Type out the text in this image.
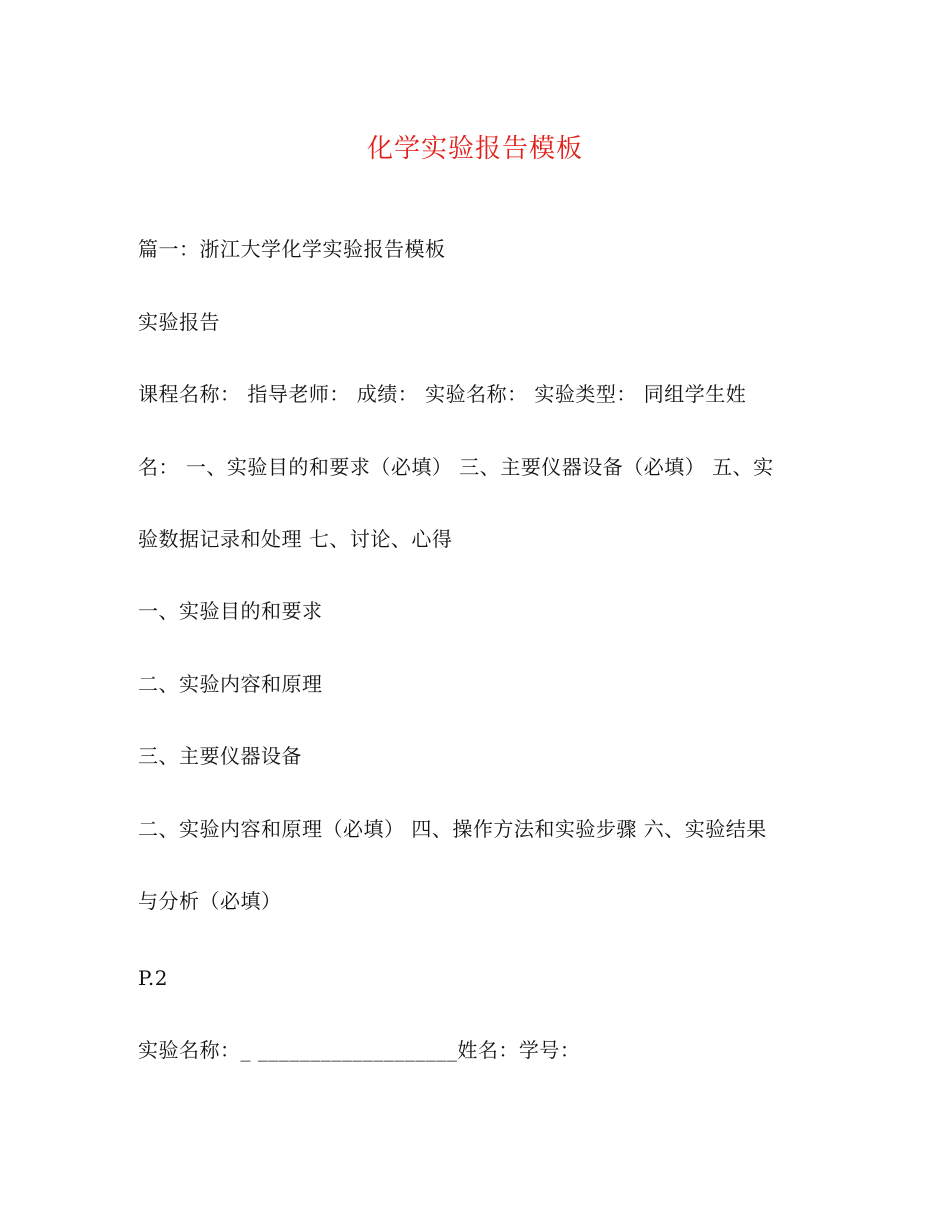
化学实验报告模板

篇一：浙江大学化学实验报告模板

实验报告

课程名称： 指导老师： 成绩： 实验名称： 实验类型： 同组学生姓

名： 一、实验目的和要求（必填） 三、主要仪器设备（必填） 五、实

验数据记录和处理 七、讨论、心得

一、实验目的和要求

二、实验内容和原理

三、主要仪器设备

二、实验内容和原理（必填） 四、操作方法和实验步骤 六、实验结果

与分析（必填）

P.2

实验名称：_ ___________________姓名：学号：
